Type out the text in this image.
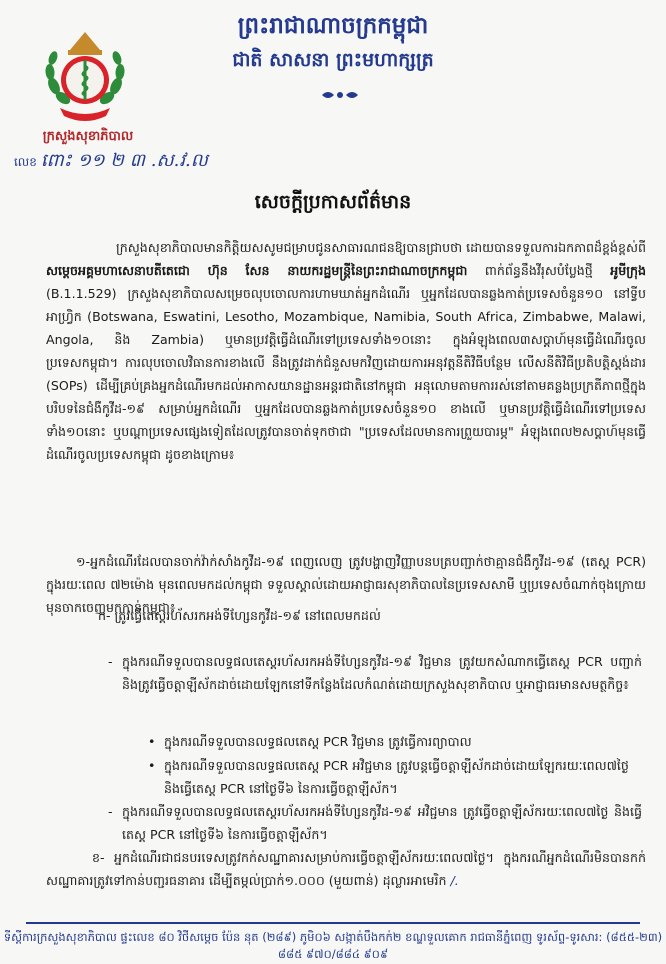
ព្រះរាជាណាចក្រកម្ពុជា
ជាតិ សាសនា ព្រះមហាក្សត្រ
ក្រសួងសុខាភិបាល
លេខ ពោះ ១១ ២ ៣ .ស.វ.ល
សេចក្ដីប្រកាសព័ត៌មាន
ក្រសួងសុខាភិបាលមានកិត្តិយសសូមជម្រាបជូនសាធារណជនឱ្យបានជ្រាបថា ដោយបានទទួលការឯកភាពដ៏ខ្ពង់ខ្ពស់ពី សម្តេចអគ្គមហាសេនាបតីតេជោ ហ៊ុន សែន នាយករដ្ឋមន្ត្រីនៃព្រះរាជាណាចក្រកម្ពុជា ពាក់ព័ន្ធនឹងវីរុសបំប្លែងថ្មី អូមីក្រុង (B.1.1.529) ក្រសួងសុខាភិបាលសម្រេចលុបចោលការហាមឃាត់អ្នកដំណើរ ឬអ្នកដែលបានឆ្លងកាត់ប្រទេសចំនួន១០ នៅទ្វីបអាហ្វ្រិក (Botswana, Eswatini, Lesotho, Mozambique, Namibia, South Africa, Zimbabwe, Malawi, Angola, និង Zambia) ឬមានប្រវត្តិធ្វើដំណើរទៅប្រទេសទាំង១០នោះ ក្នុងអំឡុងពេល៣សប្តាហ៍មុនធ្វើដំណើរចូលប្រទេសកម្ពុជា។ ការលុបចោលវិធានការខាងលើ នឹងត្រូវដាក់ជំនួសមកវិញដោយការអនុវត្តនីតិវិធីបន្ថែម លើសនីតិវិធីប្រតិបត្តិស្តង់ដារ (SOPs) ដើម្បីគ្រប់គ្រងអ្នកដំណើរមកដល់អាកាសយានដ្ឋានអន្តរជាតិនៅកម្ពុជា អនុលោមតាមការរស់នៅតាមគន្លងប្រក្រតីភាពថ្មីក្នុងបរិបទនៃជំងឺកូវីដ-១៩ សម្រាប់អ្នកដំណើរ ឬអ្នកដែលបានឆ្លងកាត់ប្រទេសចំនួន១០ ខាងលើ ឬមានប្រវត្តិធ្វើដំណើរទៅប្រទេសទាំង១០នោះ ឬបណ្តាប្រទេសផ្សេងទៀតដែលត្រូវបានចាត់ទុកថាជា "ប្រទេសដែលមានការព្រួយបារម្ភ" អំឡុងពេល២សប្តាហ៍មុនធ្វើដំណើរចូលប្រទេសកម្ពុជា ដូចខាងក្រោម៖
១-អ្នកដំណើរដែលបានចាក់វ៉ាក់សាំងកូវីដ-១៩ ពេញលេញ ត្រូវបង្ហាញវិញ្ញាបនបត្របញ្ជាក់ថាគ្មានជំងឺកូវីដ-១៩ (តេស្ត PCR) ក្នុងរយៈពេល ៧២ម៉ោង មុនពេលមកដល់កម្ពុជា ទទួលស្គាល់ដោយអាជ្ញាធរសុខាភិបាលនៃប្រទេសសាមី ឬប្រទេសចំណាក់ចុងក្រោយមុនចាកចេញមកកាន់កម្ពុជា៖
ក- ត្រូវធ្វើតេស្តរហ័សរកអង់ទីហ្សែនកូវីដ-១៩ នៅពេលមកដល់
- ក្នុងករណីទទួលបានលទ្ធផលតេស្តរហ័សរកអង់ទីហ្សែនកូវីដ-១៩ វិជ្ជមាន ត្រូវយកសំណាកធ្វើតេស្ត PCR បញ្ជាក់ និងត្រូវធ្វើចត្តាឡីស័កដាច់ដោយឡែកនៅទីកន្លែងដែលកំណត់ដោយក្រសួងសុខាភិបាល ឬអាជ្ញាធរមានសមត្ថកិច្ច៖
• ក្នុងករណីទទួលបានលទ្ធផលតេស្ត PCR វិជ្ជមាន ត្រូវធ្វើការព្យាបាល
• ក្នុងករណីទទួលបានលទ្ធផលតេស្ត PCR អវិជ្ជមាន ត្រូវបន្តធ្វើចត្តាឡីស័កដាច់ដោយឡែករយៈពេល៧ថ្ងៃ និងធ្វើតេស្ត PCR នៅថ្ងៃទី៦ នៃការធ្វើចត្តាឡីស័ក។
- ក្នុងករណីទទួលបានលទ្ធផលតេស្តរហ័សរកអង់ទីហ្សែនកូវីដ-១៩ អវិជ្ជមាន ត្រូវធ្វើចត្តាឡីស័ករយៈពេល៧ថ្ងៃ និងធ្វើតេស្ត PCR នៅថ្ងៃទី៦ នៃការធ្វើចត្តាឡីស័ក។
ខ- អ្នកដំណើរជាជនបរទេសត្រូវកក់សណ្ឋាគារសម្រាប់ការធ្វើចត្តាឡីស័ករយៈពេល៧ថ្ងៃ។ ក្នុងករណីអ្នកដំណើរមិនបានកក់សណ្ឋាគារត្រូវទៅកាន់បញ្ជរធនាគារ ដើម្បីតម្កល់ប្រាក់១.០០០ (មួយពាន់) ដុល្លារអាមេរិក /.
ទីស្តីការក្រសួងសុខាភិបាល ផ្ទះលេខ ៨០ វិថីសម្តេច ប៉ែន នុត (២៨៩) ភូមិ០៦ សង្កាត់បឹងកក់២ ខណ្ឌទួលគោក រាជធានីភ្នំពេញ ទូរស័ព្ទ-ទូរសារ: (៨៥៥-២៣) ៨៨៥ ៩៧០/៨៨៤ ៩០៩
